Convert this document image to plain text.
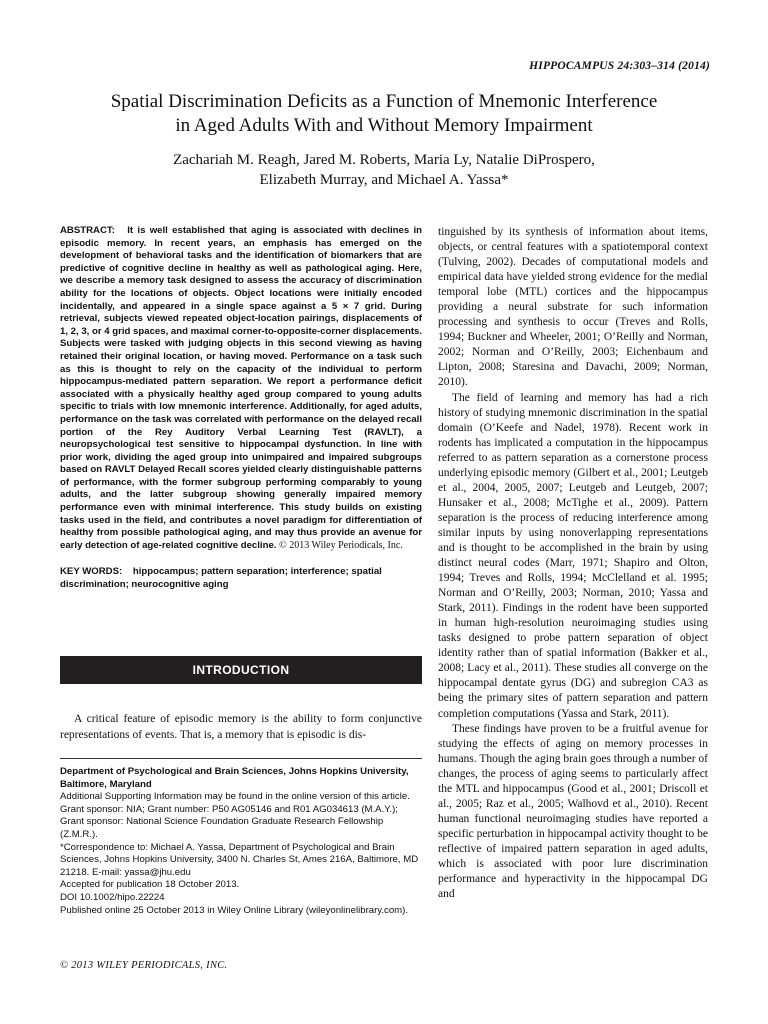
HIPPOCAMPUS 24:303–314 (2014)
Spatial Discrimination Deficits as a Function of Mnemonic Interference
in Aged Adults With and Without Memory Impairment
Zachariah M. Reagh, Jared M. Roberts, Maria Ly, Natalie DiProspero,
Elizabeth Murray, and Michael A. Yassa*

ABSTRACT: It is well established that aging is associated with declines in episodic memory. In recent years, an emphasis has emerged on the development of behavioral tasks and the identification of biomarkers that are predictive of cognitive decline in healthy as well as pathological aging. Here, we describe a memory task designed to assess the accuracy of discrimination ability for the locations of objects. Object locations were initially encoded incidentally, and appeared in a single space against a 5 × 7 grid. During retrieval, subjects viewed repeated object-location pairings, displacements of 1, 2, 3, or 4 grid spaces, and maximal corner-to-opposite-corner displacements. Subjects were tasked with judging objects in this second viewing as having retained their original location, or having moved. Performance on a task such as this is thought to rely on the capacity of the individual to perform hippocampus-mediated pattern separation. We report a performance deficit associated with a physically healthy aged group compared to young adults specific to trials with low mnemonic interference. Additionally, for aged adults, performance on the task was correlated with performance on the delayed recall portion of the Rey Auditory Verbal Learning Test (RAVLT), a neuropsychological test sensitive to hippocampal dysfunction. In line with prior work, dividing the aged group into unimpaired and impaired subgroups based on RAVLT Delayed Recall scores yielded clearly distinguishable patterns of performance, with the former subgroup performing comparably to young adults, and the latter subgroup showing generally impaired memory performance even with minimal interference. This study builds on existing tasks used in the field, and contributes a novel paradigm for differentiation of healthy from possible pathological aging, and may thus provide an avenue for early detection of age-related cognitive decline. © 2013 Wiley Periodicals, Inc.

KEY WORDS: hippocampus; pattern separation; interference; spatial discrimination; neurocognitive aging
INTRODUCTION

A critical feature of episodic memory is the ability to form conjunctive representations of events. That is, a memory that is episodic is dis-

Department of Psychological and Brain Sciences, Johns Hopkins University, Baltimore, Maryland

Additional Supporting Information may be found in the online version of this article.

Grant sponsor: NIA; Grant number: P50 AG05146 and R01 AG034613 (M.A.Y.); Grant sponsor: National Science Foundation Graduate Research Fellowship (Z.M.R.).

*Correspondence to: Michael A. Yassa, Department of Psychological and Brain Sciences, Johns Hopkins University, 3400 N. Charles St, Ames 216A, Baltimore, MD 21218. E-mail: yassa@jhu.edu

Accepted for publication 18 October 2013.

DOI 10.1002/hipo.22224

Published online 25 October 2013 in Wiley Online Library (wileyonlinelibrary.com).

© 2013 WILEY PERIODICALS, INC.

tinguished by its synthesis of information about items, objects, or central features with a spatiotemporal context (Tulving, 2002). Decades of computational models and empirical data have yielded strong evidence for the medial temporal lobe (MTL) cortices and the hippocampus providing a neural substrate for such information processing and synthesis to occur (Treves and Rolls, 1994; Buckner and Wheeler, 2001; O’Reilly and Norman, 2002; Norman and O’Reilly, 2003; Eichenbaum and Lipton, 2008; Staresina and Davachi, 2009; Norman, 2010).

The field of learning and memory has had a rich history of studying mnemonic discrimination in the spatial domain (O’Keefe and Nadel, 1978). Recent work in rodents has implicated a computation in the hippocampus referred to as pattern separation as a cornerstone process underlying episodic memory (Gilbert et al., 2001; Leutgeb et al., 2004, 2005, 2007; Leutgeb and Leutgeb, 2007; Hunsaker et al., 2008; McTighe et al., 2009). Pattern separation is the process of reducing interference among similar inputs by using nonoverlapping representations and is thought to be accomplished in the brain by using distinct neural codes (Marr, 1971; Shapiro and Olton, 1994; Treves and Rolls, 1994; McClelland et al. 1995; Norman and O’Reilly, 2003; Norman, 2010; Yassa and Stark, 2011). Findings in the rodent have been supported in human high-resolution neuroimaging studies using tasks designed to probe pattern separation of object identity rather than of spatial information (Bakker et al., 2008; Lacy et al., 2011). These studies all converge on the hippocampal dentate gyrus (DG) and subregion CA3 as being the primary sites of pattern separation and pattern completion computations (Yassa and Stark, 2011).

These findings have proven to be a fruitful avenue for studying the effects of aging on memory processes in humans. Though the aging brain goes through a number of changes, the process of aging seems to particularly affect the MTL and hippocampus (Good et al., 2001; Driscoll et al., 2005; Raz et al., 2005; Walhovd et al., 2010). Recent human functional neuroimaging studies have reported a specific perturbation in hippocampal activity thought to be reflective of impaired pattern separation in aged adults, which is associated with poor lure discrimination performance and hyperactivity in the hippocampal DG and
